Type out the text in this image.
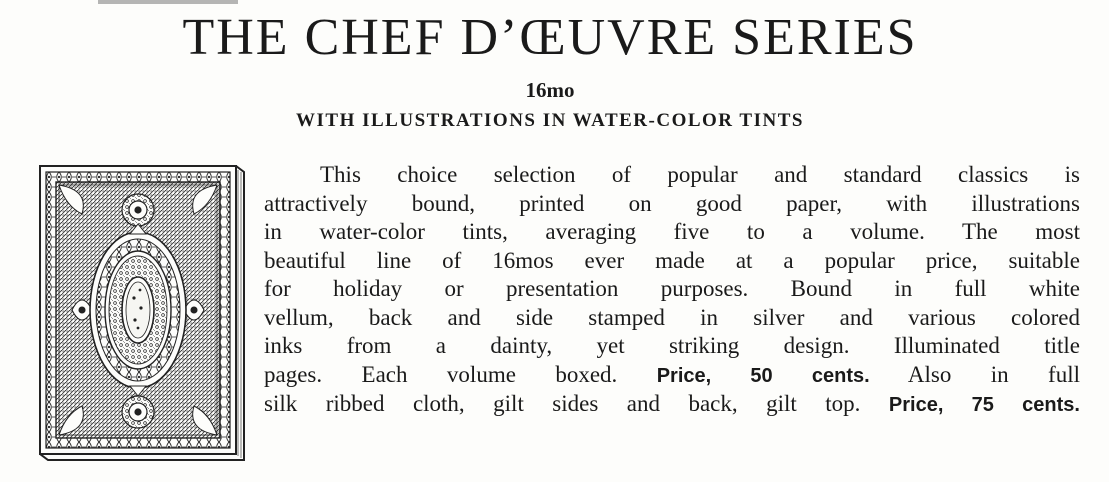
THE CHEF D’ŒUVRE SERIES
16mo
WITH ILLUSTRATIONS IN WATER-COLOR TINTS

This choice selection of popular and standard classics is
attractively bound, printed on good paper, with illustrations
in water-color tints, averaging five to a volume. The most
beautiful line of 16mos ever made at a popular price, suitable
for holiday or presentation purposes. Bound in full white
vellum, back and side stamped in silver and various colored
inks from a dainty, yet striking design. Illuminated title
pages. Each volume boxed. Price, 50 cents. Also in full
silk ribbed cloth, gilt sides and back, gilt top. Price, 75 cents.
